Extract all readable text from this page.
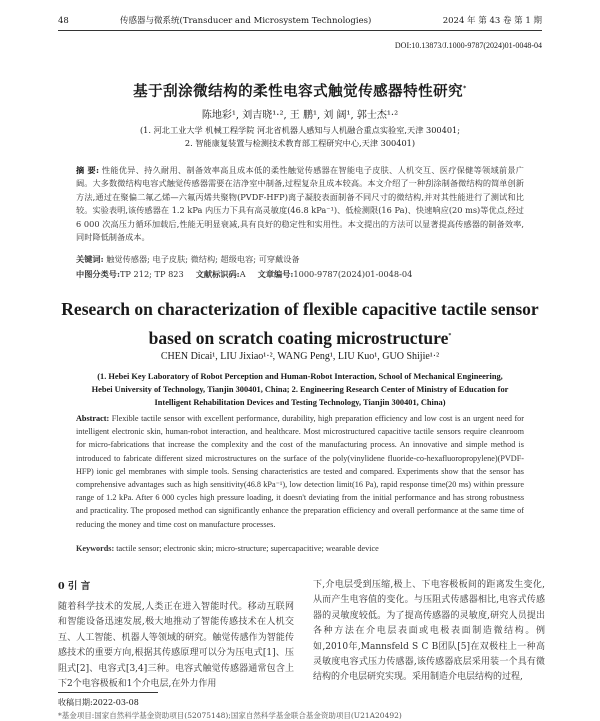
48	传感器与微系统(Transducer and Microsystem Technologies)	2024 年 第 43 卷 第 1 期
DOI:10.13873/J.1000-9787(2024)01-0048-04
基于刮涂微结构的柔性电容式触觉传感器特性研究*
陈地彩¹, 刘吉晓¹·², 王 鹏¹, 刘 阔¹, 郭士杰¹·²
(1. 河北工业大学 机械工程学院 河北省机器人感知与人机融合重点实验室,天津 300401;
2. 智能康复装置与检测技术教育部工程研究中心,天津 300401)
摘 要: 性能优异、持久耐用、制备效率高且成本低的柔性触觉传感器在智能电子皮肤、人机交互、医疗保健等领域前景广阔。大多数微结构电容式触觉传感器需要在洁净室中制备,过程复杂且成本较高。本文介绍了一种刮涂制备微结构的简单创新方法,通过在聚偏二氟乙烯—六氟丙烯共聚物(PVDF-HFP)离子凝胶表面制备不同尺寸的微结构,并对其性能进行了测试和比较。实验表明,该传感器在 1.2 kPa 内压力下具有高灵敏度(46.8 kPa⁻¹)、低检测限(16 Pa)、快速响应(20 ms)等优点,经过 6 000 次高压力循环加载后,性能无明显衰减,具有良好的稳定性和实用性。本文提出的方法可以显著提高传感器的制备效率,同时降低制备成本。
关键词: 触觉传感器; 电子皮肤; 微结构; 超级电容; 可穿戴设备
中图分类号:TP 212; TP 823 文献标识码:A 文章编号:1000-9787(2024)01-0048-04
Research on characterization of flexible capacitive tactile sensor
based on scratch coating microstructure*
CHEN Dicai¹, LIU Jixiao¹·², WANG Peng¹, LIU Kuo¹, GUO Shijie¹·²
(1. Hebei Key Laboratory of Robot Perception and Human-Robot Interaction, School of Mechanical Engineering,
Hebei University of Technology, Tianjin 300401, China; 2. Engineering Research Center of Ministry of Education for
Intelligent Rehabilitation Devices and Testing Technology, Tianjin 300401, China)
Abstract: Flexible tactile sensor with excellent performance, durability, high preparation efficiency and low cost is an urgent need for intelligent electronic skin, human-robot interaction, and healthcare. Most microstructured capacitive tactile sensors require cleanroom for micro-fabrications that increase the complexity and the cost of the manufacturing process. An innovative and simple method is introduced to fabricate different sized microstructures on the surface of the poly(vinylidene fluoride-co-hexafluoropropylene)(PVDF-HFP) ionic gel membranes with simple tools. Sensing characteristics are tested and compared. Experiments show that the sensor has comprehensive advantages such as high sensitivity(46.8 kPa⁻¹), low detection limit(16 Pa), rapid response time(20 ms) within pressure range of 1.2 kPa. After 6 000 cycles high pressure loading, it doesn't deviating from the initial performance and has strong robustness and practicality. The proposed method can significantly enhance the preparation efficiency and overall performance at the same time of reducing the money and time cost on manufacture processes.
Keywords: tactile sensor; electronic skin; micro-structure; supercapacitive; wearable device
0 引 言
随着科学技术的发展,人类正在进入智能时代。移动互联网和智能设备迅速发展,极大地推动了智能传感技术在人机交互、人工智能、机器人等领域的研究。触觉传感作为智能传感技术的重要方向,根据其传感原理可以分为压电式[1]、压阻式[2]、电容式[3,4]三种。电容式触觉传感器通常包含上下2个电容极板和1个介电层,在外力作用
下,介电层受到压缩,极上、下电容极板间的距离发生变化,从而产生电容值的变化。与压阻式传感器相比,电容式传感器的灵敏度较低。为了提高传感器的灵敏度,研究人员提出各种方法在介电层表面或电极表面制造微结构。例如,2010年,Mannsfeld S C B团队[5]在双极柱上一种高灵敏度电容式压力传感器,该传感器底层采用装一个具有微结构的介电层研究实现。采用制造介电层结构的过程,
收稿日期:2022-03-08
*基金项目:国家自然科学基金资助项目(52075148);国家自然科学基金联合基金资助项目(U21A20492)
